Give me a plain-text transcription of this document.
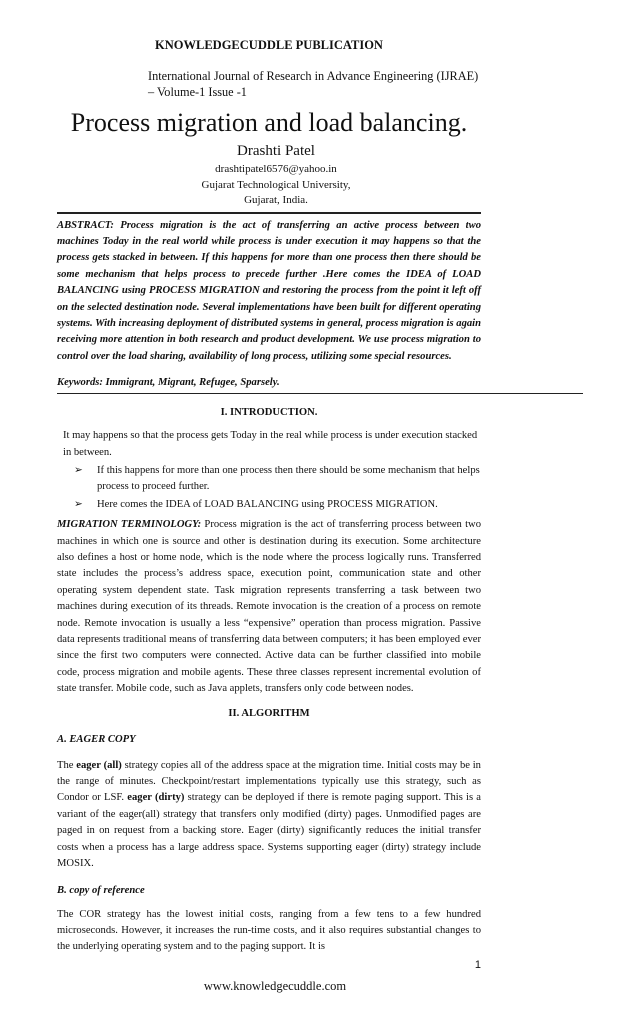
KNOWLEDGECUDDLE PUBLICATION
International Journal of Research in Advance Engineering (IJRAE) – Volume-1 Issue -1
Process migration and load balancing.
Drashti Patel
drashtipatel6576@yahoo.in
Gujarat Technological University,
Gujarat, India.
ABSTRACT: Process migration is the act of transferring an active process between two machines Today in the real world while process is under execution it may happens so that the process gets stacked in between. If this happens for more than one process then there should be some mechanism that helps process to precede further .Here comes the IDEA of LOAD BALANCING using PROCESS MIGRATION and restoring the process from the point it left off on the selected destination node. Several implementations have been built for different operating systems. With increasing deployment of distributed systems in general, process migration is again receiving more attention in both research and product development. We use process migration to control over the load sharing, availability of long process, utilizing some special resources.
Keywords: Immigrant, Migrant, Refugee, Sparsely.
I. INTRODUCTION.
It may happens so that the process gets Today in the real while process is under execution stacked in between.
➢ If this happens for more than one process then there should be some mechanism that helps process to proceed further.
➢ Here comes the IDEA of LOAD BALANCING using PROCESS MIGRATION.
MIGRATION TERMINOLOGY: Process migration is the act of transferring process between two machines in which one is source and other is destination during its execution. Some architecture also defines a host or home node, which is the node where the process logically runs. Transferred state includes the process’s address space, execution point, communication state and other operating system dependent state. Task migration represents transferring a task between two machines during execution of its threads. Remote invocation is the creation of a process on remote node. Remote invocation is usually a less “expensive” operation than process migration. Passive data represents traditional means of transferring data between computers; it has been employed ever since the first two computers were connected. Active data can be further classified into mobile code, process migration and mobile agents. These three classes represent incremental evolution of state transfer. Mobile code, such as Java applets, transfers only code between nodes.
II. ALGORITHM
A. EAGER COPY
The eager (all) strategy copies all of the address space at the migration time. Initial costs may be in the range of minutes. Checkpoint/restart implementations typically use this strategy, such as Condor or LSF. eager (dirty) strategy can be deployed if there is remote paging support. This is a variant of the eager(all) strategy that transfers only modified (dirty) pages. Unmodified pages are paged in on request from a backing store. Eager (dirty) significantly reduces the initial transfer costs when a process has a large address space. Systems supporting eager (dirty) strategy include MOSIX.
B. copy of reference
The COR strategy has the lowest initial costs, ranging from a few tens to a few hundred microseconds. However, it increases the run-time costs, and it also requires substantial changes to the underlying operating system and to the paging support. It is
1
www.knowledgecuddle.com
